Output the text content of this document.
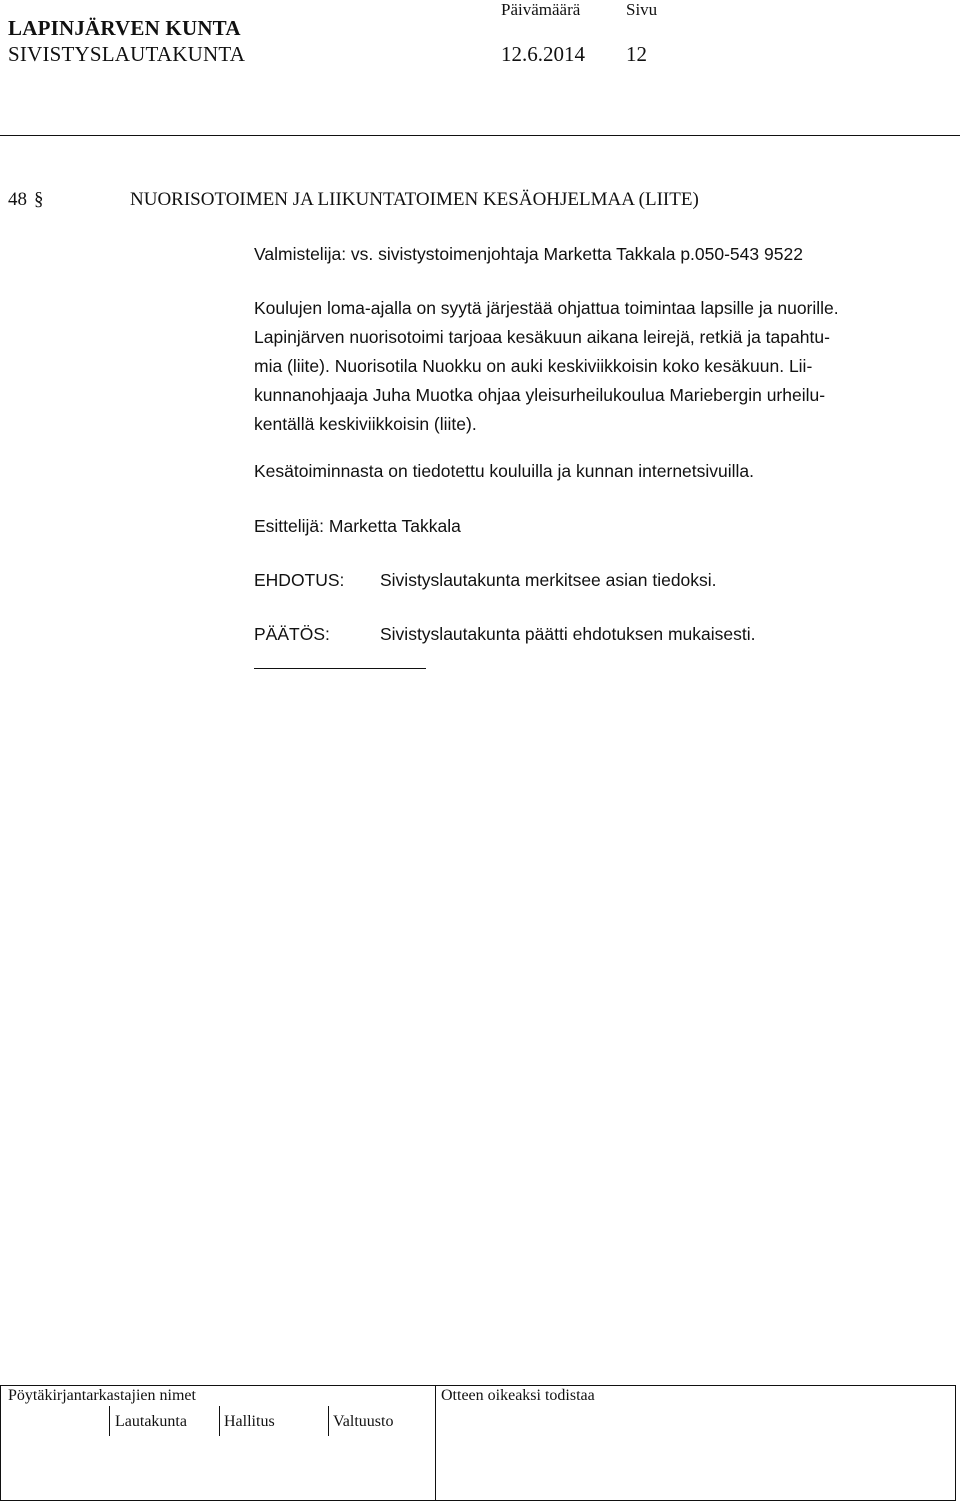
LAPINJÄRVEN KUNTA
SIVISTYSLAUTAKUNTA
Päivämäärä
12.6.2014
Sivu
12
48 §	NUORISOTOIMEN JA LIIKUNTATOIMEN KESÄOHJELMAA (LIITE)
Valmistelija: vs. sivistystoimenjohtaja Marketta Takkala p.050-543 9522

Koulujen loma-ajalla on syytä järjestää ohjattua toimintaa lapsille ja nuorille.

Lapinjärven nuorisotoimi tarjoaa kesäkuun aikana leirejä, retkiä ja tapahtu-

mia (liite). Nuorisotila Nuokku on auki keskiviikkoisin koko kesäkuun. Lii-

kunnanohjaaja Juha Muotka ohjaa yleisurheilukoulua Mariebergin urheilu-

kentällä keskiviikkoisin (liite).

Kesätoiminnasta on tiedotettu kouluilla ja kunnan internetsivuilla.
Esittelijä: Marketta Takkala
EHDOTUS: Sivistyslautakunta merkitsee asian tiedoksi.
PÄÄTÖS:	Sivistyslautakunta päätti ehdotuksen mukaisesti.
Pöytäkirjantarkastajien nimet	Otteen oikeaksi todistaa
Lautakunta Hallitus	Valtuusto
